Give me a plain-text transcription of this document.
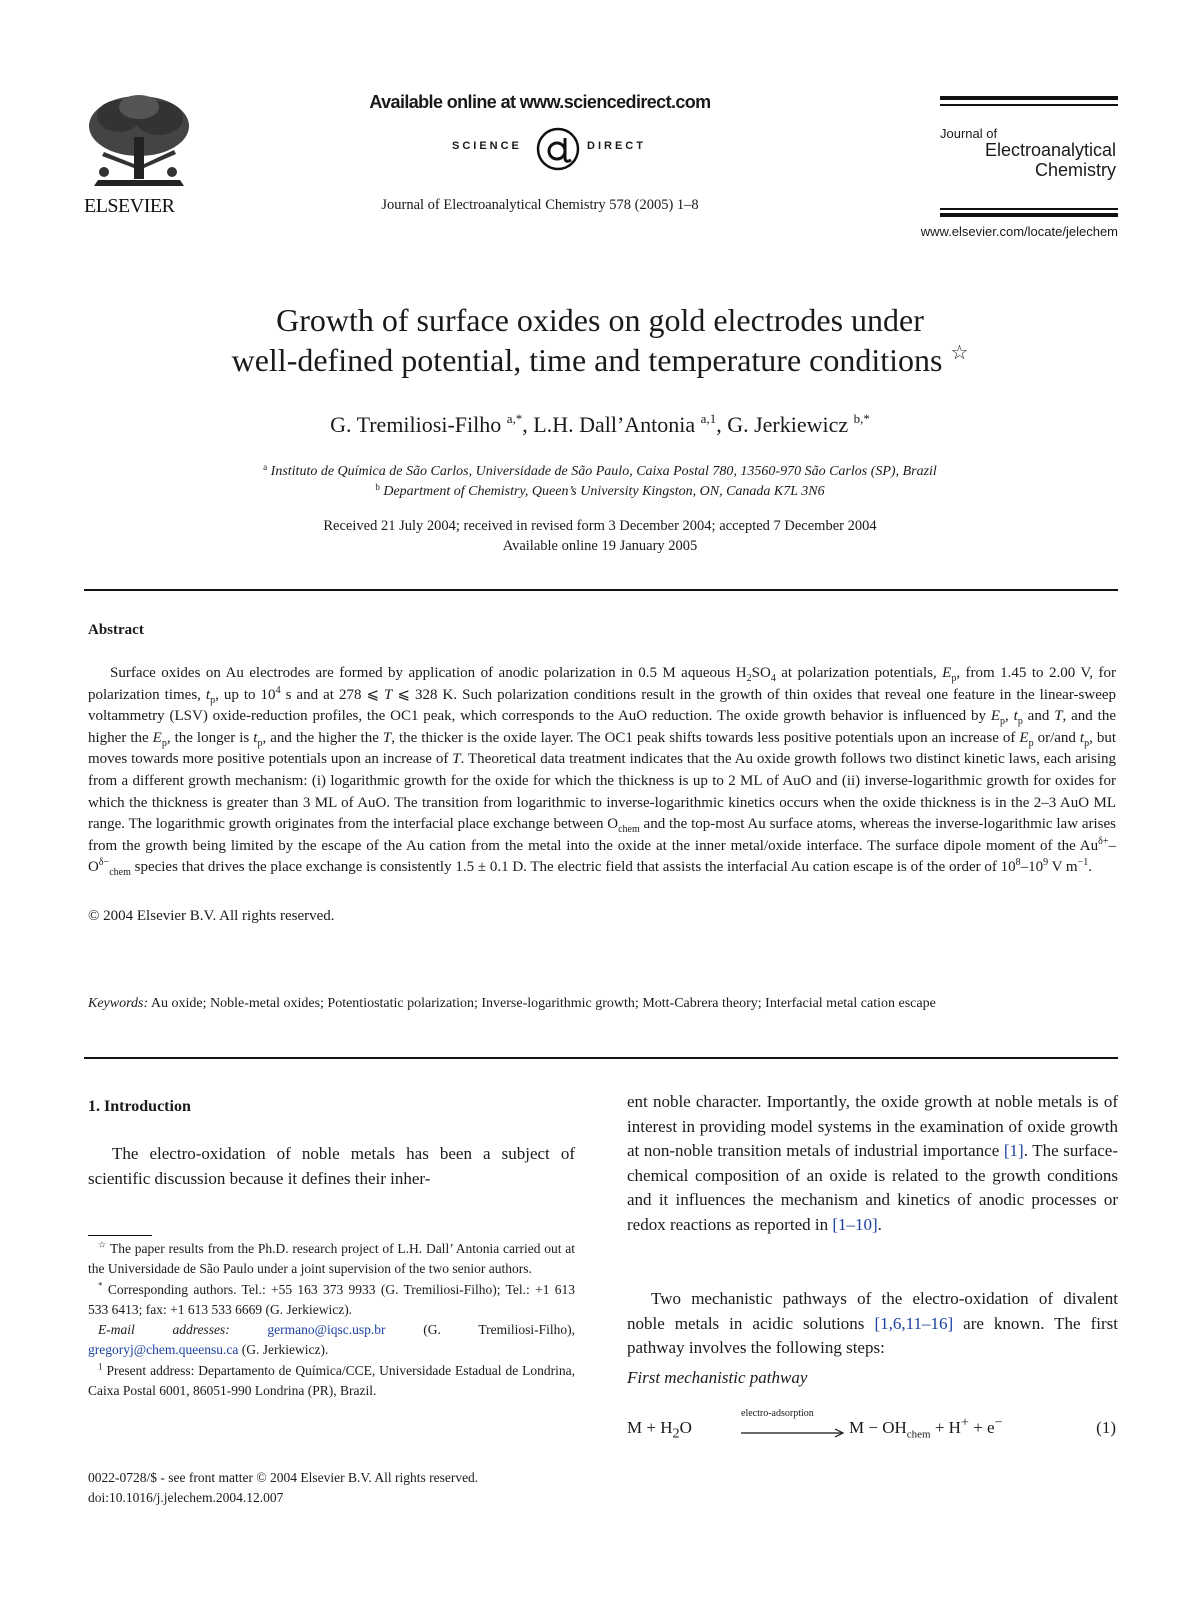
ELSEVIER
Available online at www.sciencedirect.com
SCIENCE	DIRECT
Journal of Electroanalytical Chemistry 578 (2005) 1–8
Journal of
Electroanalytical
Chemistry
www.elsevier.com/locate/jelechem
Growth of surface oxides on gold electrodes under
well-defined potential, time and temperature conditions ☆
G. Tremiliosi-Filho $^{a,*}$, L.H. Dall’Antonia $^{a,1}$, G. Jerkiewicz $^{b,*}$
$^a$ Instituto de Química de São Carlos, Universidade de São Paulo, Caixa Postal 780, 13560-970 São Carlos (SP), Brazil
$^b$ Department of Chemistry, Queen’s University Kingston, ON, Canada K7L 3N6
Received 21 July 2004; received in revised form 3 December 2004; accepted 7 December 2004
Available online 19 January 2005
Abstract
Surface oxides on Au electrodes are formed by application of anodic polarization in 0.5 M aqueous $H_2SO_4$ at polarization potentials, $E_p$, from 1.45 to 2.00 V, for polarization times, $t_p$, up to $10^4$ s and at 278 ⩽ T ⩽ 328 K. Such polarization conditions result in the growth of thin oxides that reveal one feature in the linear-sweep voltammetry (LSV) oxide-reduction profiles, the OC1 peak, which corresponds to the AuO reduction. The oxide growth behavior is influenced by $E_p$, $t_p$ and T, and the higher the $E_p$, the longer is $t_p$, and the higher the T, the thicker is the oxide layer. The OC1 peak shifts towards less positive potentials upon an increase of $E_p$ or/and $t_p$, but moves towards more positive potentials upon an increase of T. Theoretical data treatment indicates that the Au oxide growth follows two distinct kinetic laws, each arising from a different growth mechanism: (i) logarithmic growth for the oxide for which the thickness is up to 2 ML of AuO and (ii) inverse-logarithmic growth for oxides for which the thickness is greater than 3 ML of AuO. The transition from logarithmic to inverse-logarithmic kinetics occurs when the oxide thickness is in the 2–3 AuO ML range. The logarithmic growth originates from the interfacial place exchange between $O_{chem}$ and the top-most Au surface atoms, whereas the inverse-logarithmic law arises from the growth being limited by the escape of the Au cation from the metal into the oxide at the inner metal/oxide interface. The surface dipole moment of the $Au^{\delta+}-O^{\delta-}_{chem}$ species that drives the place exchange is consistently 1.5 ± 0.1 D. The electric field that assists the interfacial Au cation escape is of the order of $10^8-10^9$ V $m^{-1}$.
© 2004 Elsevier B.V. All rights reserved.
Keywords: Au oxide; Noble-metal oxides; Potentiostatic polarization; Inverse-logarithmic growth; Mott-Cabrera theory; Interfacial metal cation escape
1. Introduction
The electro-oxidation of noble metals has been a subject of scientific discussion because it defines their inher-

☆ The paper results from the Ph.D. research project of L.H. Dall’ Antonia carried out at the Universidade de São Paulo under a joint supervision of the two senior authors.

* Corresponding authors. Tel.: +55 163 373 9933 (G. Tremiliosi-Filho); Tel.: +1 613 533 6413; fax: +1 613 533 6669 (G. Jerkiewicz).

E-mail addresses:	germano@iqsc.usp.br (G. Tremiliosi-Filho), gregoryj@chem.queensu.ca (G. Jerkiewicz).

$^1$ Present address: Departamento de Química/CCE, Universidade Estadual de Londrina, Caixa Postal 6001, 86051-990 Londrina (PR), Brazil.

0022-0728/$ - see front matter © 2004 Elsevier B.V. All rights reserved.
doi:10.1016/j.jelechem.2004.12.007
ent noble character. Importantly, the oxide growth at noble metals is of interest in providing model systems in the examination of oxide growth at non-noble transition metals of industrial importance [1]. The surface-chemical composition of an oxide is related to the growth conditions and it influences the mechanism and kinetics of anodic processes or redox reactions as reported in [1–10].
Two mechanistic pathways of the electro-oxidation of divalent noble metals in acidic solutions [1,6,11–16] are known. The first pathway involves the following steps:
First mechanistic pathway
$M + H_2O$
electro-adsorption
$M - OH_{chem} + H^+ + e^-$	(1)
